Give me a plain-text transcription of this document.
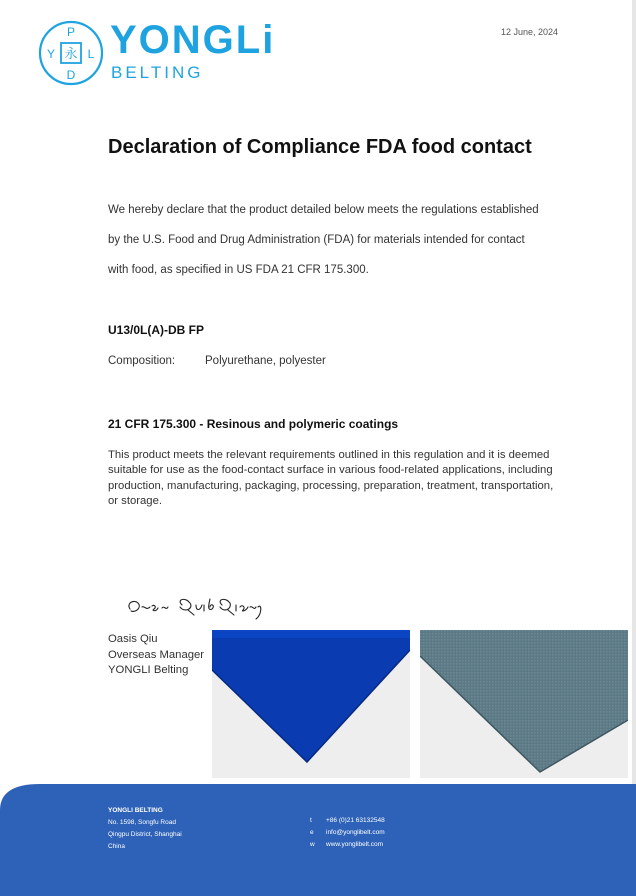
P
Y	L
D
永 YONGLi
BELTING
12 June, 2024
Declaration of Compliance FDA food contact

We hereby declare that the product detailed below meets the regulations established

by the U.S. Food and Drug Administration (FDA) for materials intended for contact

with food, as specified in US FDA 21 CFR 175.300.

U13/0L(A)-DB FP
Composition:	Polyurethane, polyester
21 CFR 175.300 - Resinous and polymeric coatings

This product meets the relevant requirements outlined in this regulation and it is deemed suitable for use as the food-contact surface in various food-related applications, including production, manufacturing, packaging, processing, preparation, treatment, transportation, or storage.

Oasis Qiu
Overseas Manager
YONGLI Belting
YONGLI BELTING
No. 1598, Songfu Road
Qingpu District, Shanghai
China
t +86 (0)21 63132548
e info@yonglibelt.com
w www.yonglibelt.com
